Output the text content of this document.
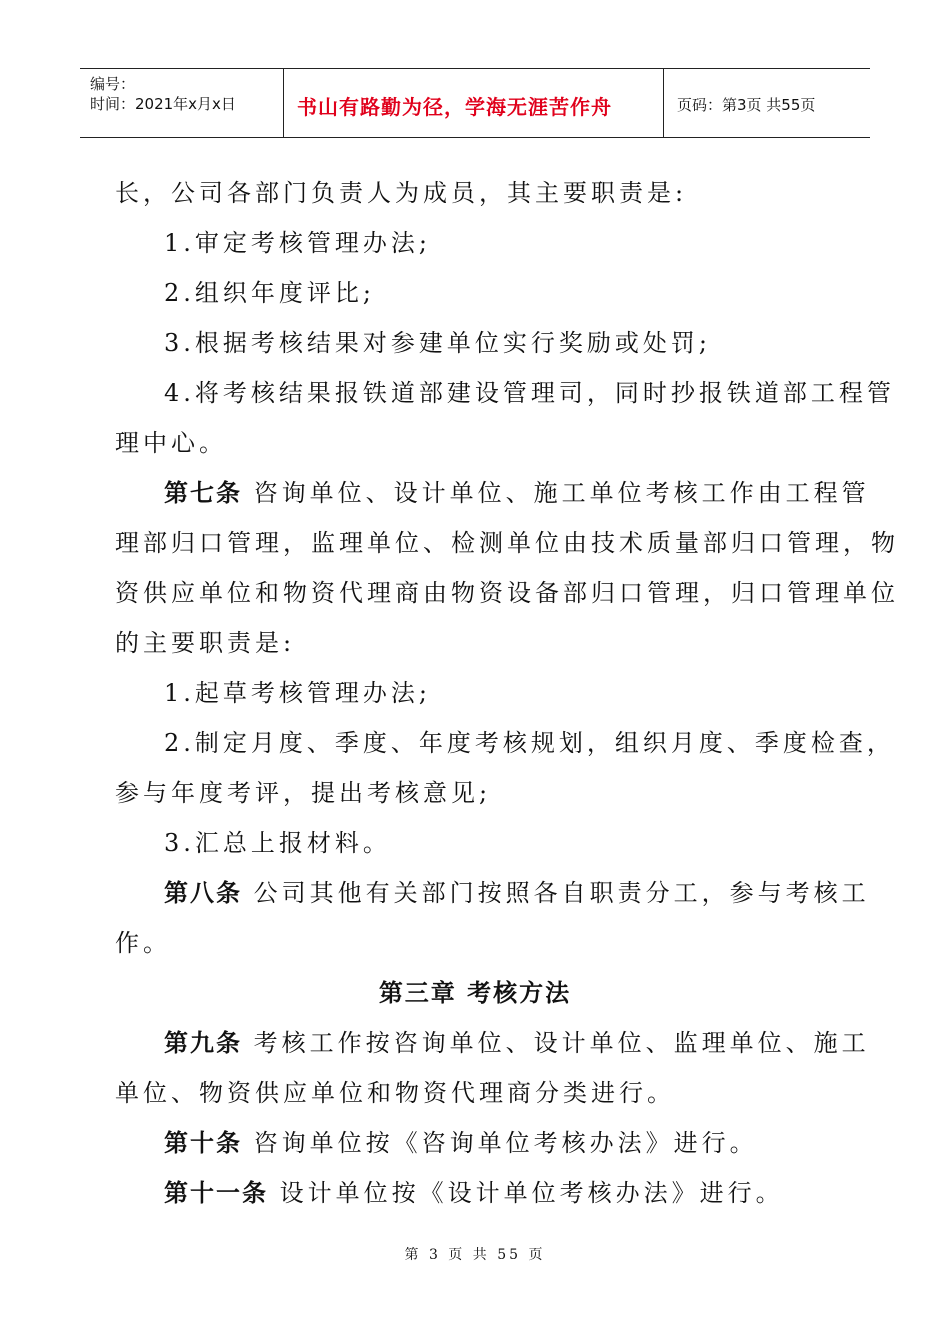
编号：
时间：2021年x月x日	书山有路勤为径，学海无涯苦作舟	页码：第3页 共55页
长，公司各部门负责人为成员，其主要职责是:
1.审定考核管理办法;
2.组织年度评比;
3.根据考核结果对参建单位实行奖励或处罚;
4.将考核结果报铁道部建设管理司，同时抄报铁道部工程管
理中心。
第七条 咨询单位、设计单位、施工单位考核工作由工程管
理部归口管理，监理单位、检测单位由技术质量部归口管理，物
资供应单位和物资代理商由物资设备部归口管理，归口管理单位
的主要职责是:
1.起草考核管理办法;
2.制定月度、季度、年度考核规划，组织月度、季度检查，
参与年度考评，提出考核意见;
3.汇总上报材料。
第八条 公司其他有关部门按照各自职责分工，参与考核工
作。
第三章 考核方法
第九条 考核工作按咨询单位、设计单位、监理单位、施工
单位、物资供应单位和物资代理商分类进行。
第十条 咨询单位按《咨询单位考核办法》进行。
第十一条 设计单位按《设计单位考核办法》进行。
第 3 页 共 55 页
